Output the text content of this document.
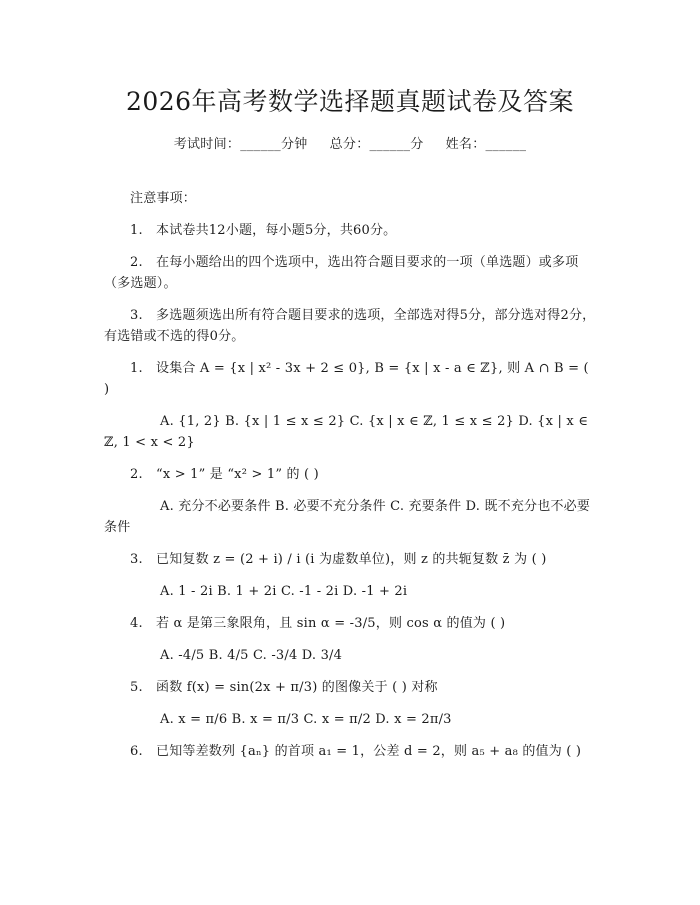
2026年高考数学选择题真题试卷及答案
考试时间：______分钟 总分：______分 姓名：______
注意事项：
1.　本试卷共12小题，每小题5分，共60分。
2.　在每小题给出的四个选项中，选出符合题目要求的一项（单选题）或多项（多选题）。
3.　多选题须选出所有符合题目要求的选项，全部选对得5分，部分选对得2分，有选错或不选的得0分。
1.　设集合 A = {x | x² - 3x + 2 ≤ 0}, B = {x | x - a ∈ ℤ}, 则 A ∩ B = ( )
A. {1, 2} B. {x | 1 ≤ x ≤ 2} C. {x | x ∈ ℤ, 1 ≤ x ≤ 2} D. {x | x ∈ ℤ, 1 < x < 2}
2.　“x > 1” 是 “x² > 1” 的 ( )
A. 充分不必要条件 B. 必要不充分条件 C. 充要条件 D. 既不充分也不必要条件
3.　已知复数 z = (2 + i) / i (i 为虚数单位)，则 z 的共轭复数 z̄ 为 ( )
A. 1 - 2i B. 1 + 2i C. -1 - 2i D. -1 + 2i
4.　若 α 是第三象限角，且 sin α = -3/5，则 cos α 的值为 ( )
A. -4/5 B. 4/5 C. -3/4 D. 3/4
5.　函数 f(x) = sin(2x + π/3) 的图像关于 ( ) 对称
A. x = π/6 B. x = π/3 C. x = π/2 D. x = 2π/3
6.　已知等差数列 {aₙ} 的首项 a₁ = 1，公差 d = 2，则 a₅ + a₈ 的值为 ( )
